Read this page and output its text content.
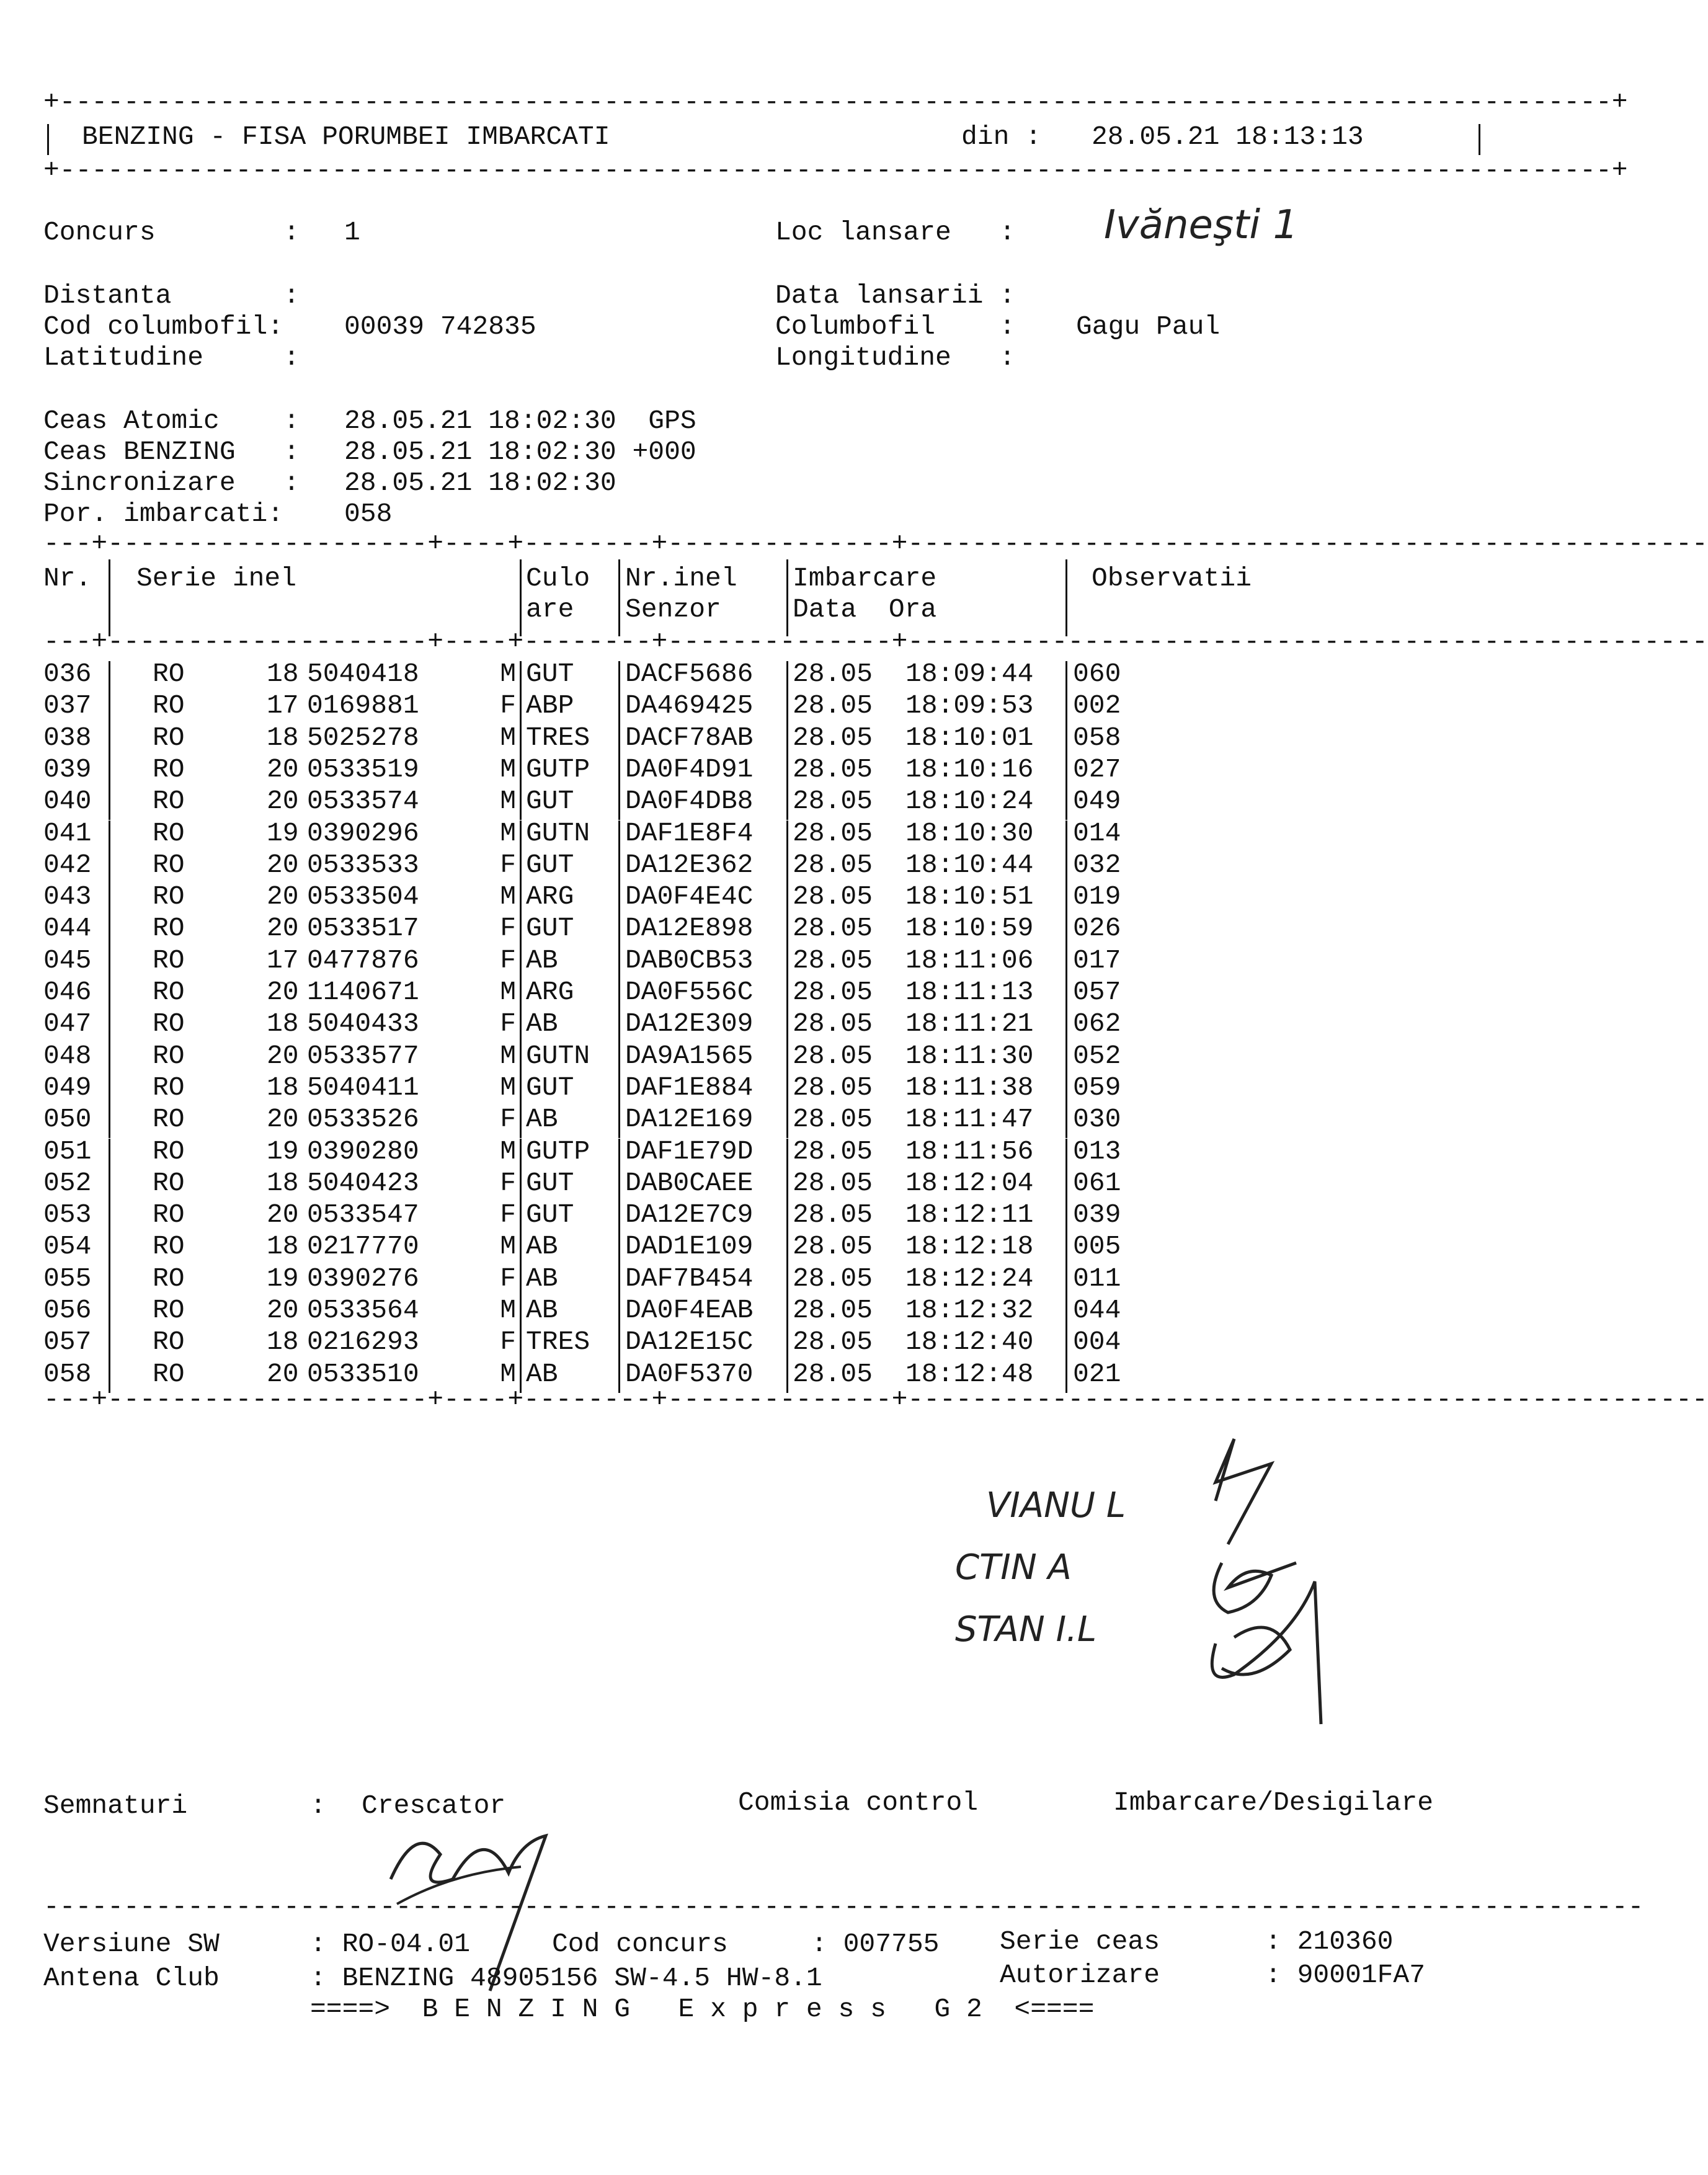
+-------------------------------------------------------------------------------------------------+
BENZING - FISA PORUMBEI IMBARCATI	din : 28.05.21 18:13:13
+-------------------------------------------------------------------------------------------------+
Concurs        : 1	Loc lansare   : Ivăneşti 1
Distanta       :	Data lansarii :
Cod columbofil: 00039 742835	Columbofil    : Gagu Paul
Latitudine     :	Longitudine   :
Ceas Atomic    : 28.05.21 18:02:30  GPS
Ceas BENZING   : 28.05.21 18:02:30 +000
Sincronizare   : 28.05.21 18:02:30
Por. imbarcati: 058
---+--------------------+----+--------+--------------+--------------------------------------------------
Nr. Serie inel	Culo
are
Nr.inel
Senzor
Imbarcare
Data  Ora
Observatii
---+--------------------+----+--------+--------------+--------------------------------------------------
036 RO	18 5040418	M GUT DACF5686 28.05 18:09:44 060
037 RO	17 0169881	F ABP DA469425 28.05 18:09:53 002
038 RO	18 5025278	M TRES DACF78AB 28.05 18:10:01 058
039 RO	20 0533519	M GUTP DA0F4D91 28.05 18:10:16 027
040 RO	20 0533574	M GUT DA0F4DB8 28.05 18:10:24 049
041 RO	19 0390296	M GUTN DAF1E8F4 28.05 18:10:30 014
042 RO	20 0533533	F GUT DA12E362 28.05 18:10:44 032
043 RO	20 0533504	M ARG DA0F4E4C 28.05 18:10:51 019
044 RO	20 0533517	F GUT DA12E898 28.05 18:10:59 026
045 RO	17 0477876	F AB	DAB0CB53 28.05 18:11:06 017
046 RO	20 1140671	M ARG DA0F556C 28.05 18:11:13 057
047 RO	18 5040433	F AB	DA12E309 28.05 18:11:21 062
048 RO	20 0533577	M GUTN DA9A1565 28.05 18:11:30 052
049 RO	18 5040411	M GUT DAF1E884 28.05 18:11:38 059
050 RO	20 0533526	F AB	DA12E169 28.05 18:11:47 030
051 RO	19 0390280	M GUTP DAF1E79D 28.05 18:11:56 013
052 RO	18 5040423	F GUT DAB0CAEE 28.05 18:12:04 061
053 RO	20 0533547	F GUT DA12E7C9 28.05 18:12:11 039
054 RO	18 0217770	M AB	DAD1E109 28.05 18:12:18 005
055 RO	19 0390276	F AB	DAF7B454 28.05 18:12:24 011
056 RO	20 0533564	M AB	DA0F4EAB 28.05 18:12:32 044
057 RO	18 0216293	F TRES DA12E15C 28.05 18:12:40 004
058 RO	20 0533510	M AB	DA0F5370 28.05 18:12:48 021
---+--------------------+----+--------+--------------+--------------------------------------------------
VIANU L
CTIN A
STAN I.L
Semnaturi	: Crescator	Comisia control	Imbarcare/Desigilare
----------------------------------------------------------------------------------------------------
Versiune SW	: RO-04.01	Cod concurs	: 007755 Serie ceas	: 210360
Antena Club	: BENZING 48905156 SW-4.5 HW-8.1	Autorizare	: 90001FA7
====>  B E N Z I N G   E x p r e s s   G 2  <====
